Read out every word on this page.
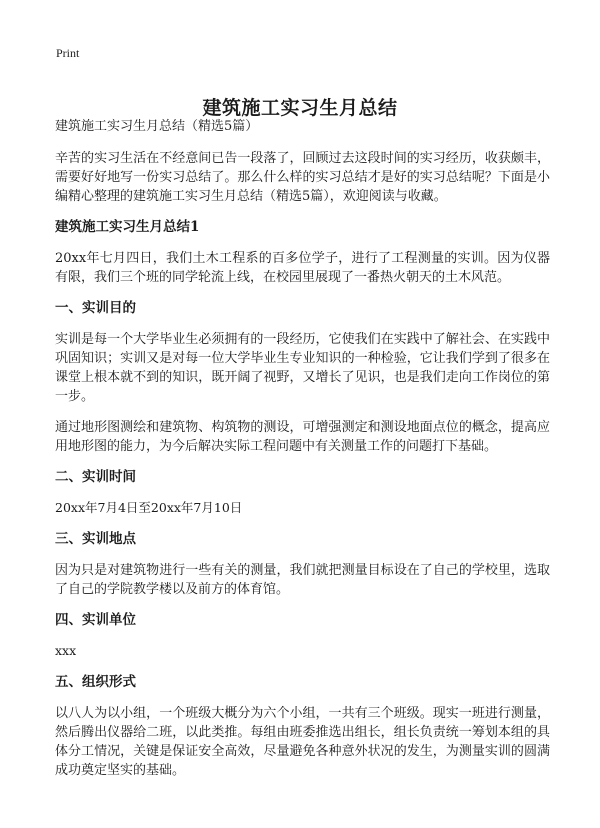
Print
建筑施工实习生月总结

建筑施工实习生月总结（精选5篇）

辛苦的实习生活在不经意间已告一段落了，回顾过去这段时间的实习经历，收获颇丰，需要好好地写一份实习总结了。那么什么样的实习总结才是好的实习总结呢？下面是小编精心整理的建筑施工实习生月总结（精选5篇），欢迎阅读与收藏。

建筑施工实习生月总结1

20xx年七月四日，我们土木工程系的百多位学子，进行了工程测量的实训。因为仪器有限，我们三个班的同学轮流上线，在校园里展现了一番热火朝天的土木风范。

一、实训目的

实训是每一个大学毕业生必须拥有的一段经历，它使我们在实践中了解社会、在实践中巩固知识；实训又是对每一位大学毕业生专业知识的一种检验，它让我们学到了很多在课堂上根本就不到的知识，既开阔了视野，又增长了见识，也是我们走向工作岗位的第一步。

通过地形图测绘和建筑物、构筑物的测设，可增强测定和测设地面点位的概念，提高应用地形图的能力，为今后解决实际工程问题中有关测量工作的问题打下基础。

二、实训时间

20xx年7月4日至20xx年7月10日

三、实训地点

因为只是对建筑物进行一些有关的测量，我们就把测量目标设在了自己的学校里，选取了自己的学院教学楼以及前方的体育馆。

四、实训单位

xxx

五、组织形式

以八人为以小组，一个班级大概分为六个小组，一共有三个班级。现实一班进行测量，然后腾出仪器给二班，以此类推。每组由班委推选出组长，组长负责统一筹划本组的具体分工情况，关键是保证安全高效，尽量避免各种意外状况的发生，为测量实训的圆满成功奠定坚实的基础。
